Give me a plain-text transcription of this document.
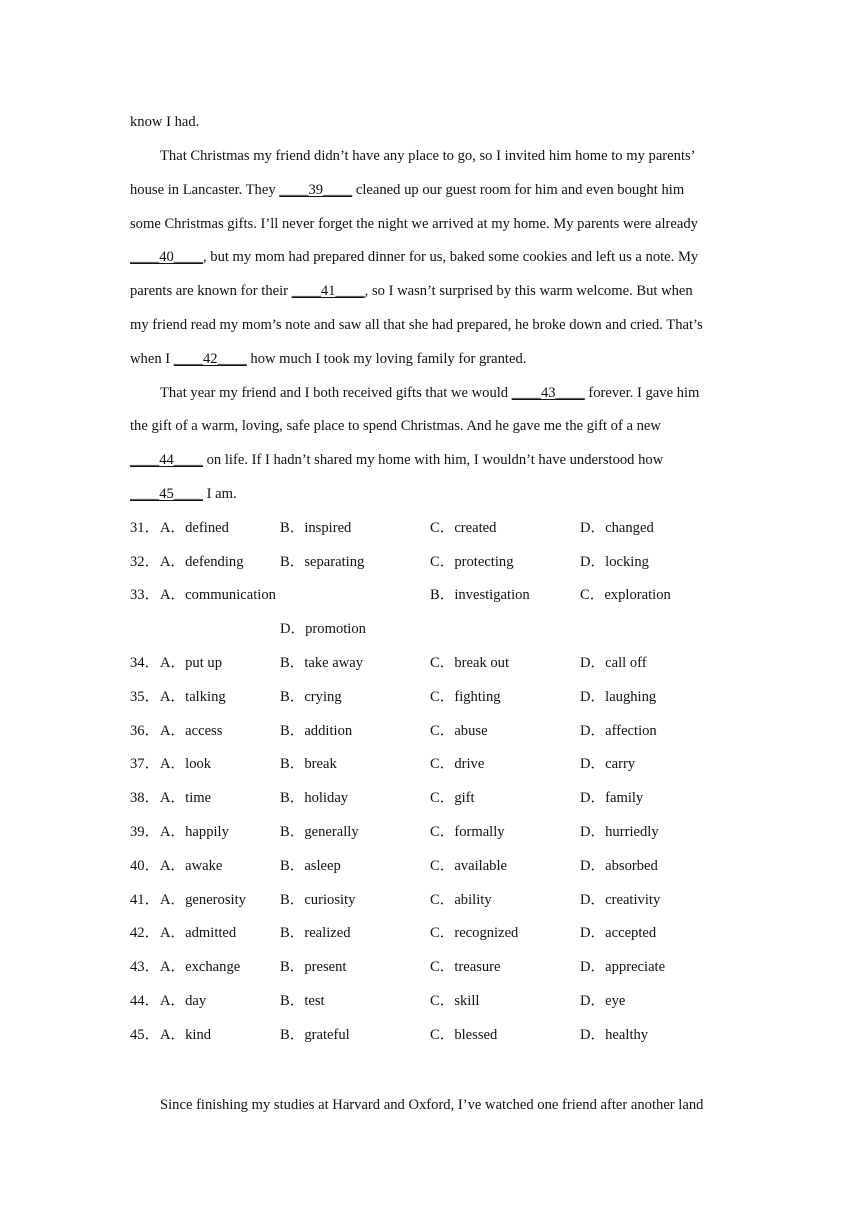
know I had.
That Christmas my friend didn’t have any place to go, so I invited him home to my parents’
house in Lancaster. They ____39____ cleaned up our guest room for him and even bought him
some Christmas gifts. I’ll never forget the night we arrived at my home. My parents were already
____40____, but my mom had prepared dinner for us, baked some cookies and left us a note. My
parents are known for their ____41____, so I wasn’t surprised by this warm welcome. But when
my friend read my mom’s note and saw all that she had prepared, he broke down and cried. That’s
when I ____42____ how much I took my loving family for granted.
That year my friend and I both received gifts that we would ____43____ forever. I gave him
the gift of a warm, loving, safe place to spend Christmas. And he gave me the gift of a new
____44____ on life. If I hadn’t shared my home with him, I wouldn’t have understood how
____45____ I am.
31． A．defined	B．inspired	C．created	D．changed
32． A．defending	B．separating	C．protecting	D．locking
33． A．communication	B．investigation	C．exploration
D．promotion
34． A．put up	B．take away	C．break out	D．call off
35． A．talking	B．crying	C．fighting	D．laughing
36． A．access	B．addition	C．abuse	D．affection
37． A．look	B．break	C．drive	D．carry
38． A．time	B．holiday	C．gift	D．family
39． A．happily	B．generally	C．formally	D．hurriedly
40． A．awake	B．asleep	C．available	D．absorbed
41． A．generosity B．curiosity	C．ability	D．creativity
42． A．admitted	B．realized	C．recognized	D．accepted
43． A．exchange	B．present	C．treasure	D．appreciate
44． A．day	B．test	C．skill	D．eye
45． A．kind	B．grateful	C．blessed	D．healthy
Since finishing my studies at Harvard and Oxford, I’ve watched one friend after another land
